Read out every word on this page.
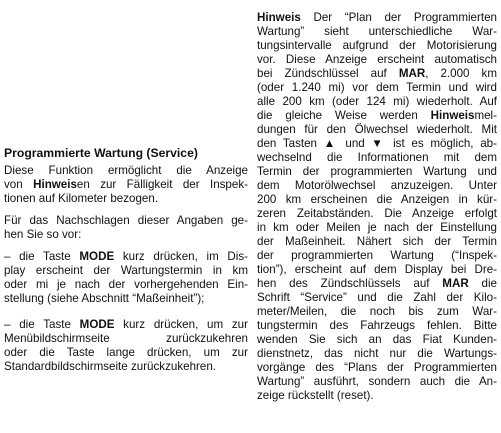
Programmierte Wartung (Service)
Diese Funktion ermöglicht die Anzeige
von Hinweisen zur Fälligkeit der Inspek-
tionen auf Kilometer bezogen.
Für das Nachschlagen dieser Angaben ge-
hen Sie so vor:
– die Taste MODE kurz drücken, im Dis-
play erscheint der Wartungstermin in km
oder mi je nach der vorhergehenden Ein-
stellung (siehe Abschnitt “Maßeinheit”);
– die Taste MODE kurz drücken, um zur
Menübildschirmseite zurückzukehren
oder die Taste lange drücken, um zur
Standardbildschirmseite zurückzukehren.
Hinweis Der “Plan der Programmierten
Wartung” sieht unterschiedliche War-
tungsintervalle aufgrund der Motorisierung
vor. Diese Anzeige erscheint automatisch
bei Zündschlüssel auf MAR, 2.000 km
(oder 1.240 mi) vor dem Termin und wird
alle 200 km (oder 124 mi) wiederholt. Auf
die gleiche Weise werden Hinweismel-
dungen für den Ölwechsel wiederholt. Mit
den Tasten ▲ und ▼ ist es möglich, ab-
wechselnd die Informationen mit dem
Termin der programmierten Wartung und
dem Motorölwechsel anzuzeigen. Unter
200 km erscheinen die Anzeigen in kür-
zeren Zeitabständen. Die Anzeige erfolgt
in km oder Meilen je nach der Einstellung
der Maßeinheit. Nähert sich der Termin
der programmierten Wartung (“Inspek-
tion”), erscheint auf dem Display bei Dre-
hen des Zündschlüssels auf MAR die
Schrift “Service” und die Zahl der Kilo-
meter/Meilen, die noch bis zum War-
tungstermin des Fahrzeugs fehlen. Bitte
wenden Sie sich an das Fiat Kunden-
dienstnetz, das nicht nur die Wartungs-
vorgänge des “Plans der Programmierten
Wartung” ausführt, sondern auch die An-
zeige rückstellt (reset).
